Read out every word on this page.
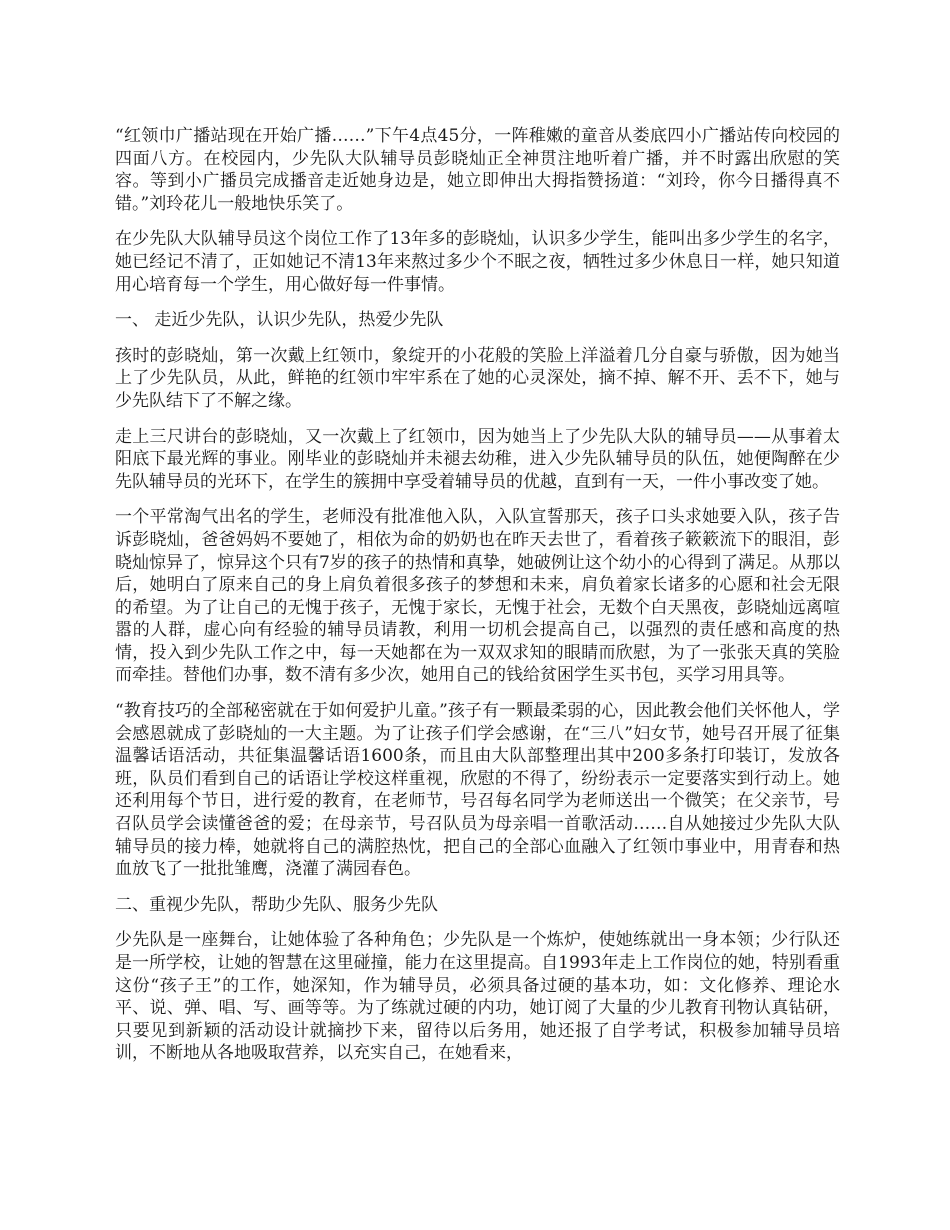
“红领巾广播站现在开始广播……”下午4点45分，一阵稚嫩的童音从娄底四小广播站传向校园的四面八方。在校园内，少先队大队辅导员彭晓灿正全神贯注地听着广播，并不时露出欣慰的笑容。等到小广播员完成播音走近她身边是，她立即伸出大拇指赞扬道：“刘玲，你今日播得真不错。”刘玲花儿一般地快乐笑了。

在少先队大队辅导员这个岗位工作了13年多的彭晓灿，认识多少学生，能叫出多少学生的名字，她已经记不清了，正如她记不清13年来熬过多少个不眠之夜，牺牲过多少休息日一样，她只知道用心培育每一个学生，用心做好每一件事情。

一、 走近少先队，认识少先队，热爱少先队

孩时的彭晓灿，第一次戴上红领巾，象绽开的小花般的笑脸上洋溢着几分自豪与骄傲，因为她当上了少先队员，从此，鲜艳的红领巾牢牢系在了她的心灵深处，摘不掉、解不开、丢不下，她与少先队结下了不解之缘。

走上三尺讲台的彭晓灿，又一次戴上了红领巾，因为她当上了少先队大队的辅导员——从事着太阳底下最光辉的事业。刚毕业的彭晓灿并未褪去幼稚，进入少先队辅导员的队伍，她便陶醉在少先队辅导员的光环下，在学生的簇拥中享受着辅导员的优越，直到有一天，一件小事改变了她。

一个平常淘气出名的学生，老师没有批准他入队，入队宣誓那天，孩子口头求她要入队，孩子告诉彭晓灿，爸爸妈妈不要她了，相依为命的奶奶也在昨天去世了，看着孩子簌簌流下的眼泪，彭晓灿惊异了，惊异这个只有7岁的孩子的热情和真挚，她破例让这个幼小的心得到了满足。从那以后，她明白了原来自己的身上肩负着很多孩子的梦想和未来，肩负着家长诸多的心愿和社会无限的希望。为了让自己的无愧于孩子，无愧于家长，无愧于社会，无数个白天黑夜，彭晓灿远离喧嚣的人群，虚心向有经验的辅导员请教，利用一切机会提高自己，以强烈的责任感和高度的热情，投入到少先队工作之中，每一天她都在为一双双求知的眼睛而欣慰，为了一张张天真的笑脸而牵挂。替他们办事，数不清有多少次，她用自己的钱给贫困学生买书包，买学习用具等。

“教育技巧的全部秘密就在于如何爱护儿童。”孩子有一颗最柔弱的心，因此教会他们关怀他人，学会感恩就成了彭晓灿的一大主题。为了让孩子们学会感谢，在“三八”妇女节，她号召开展了征集温馨话语活动，共征集温馨话语1600条，而且由大队部整理出其中200多条打印装订，发放各班，队员们看到自己的话语让学校这样重视，欣慰的不得了，纷纷表示一定要落实到行动上。她还利用每个节日，进行爱的教育，在老师节，号召每名同学为老师送出一个微笑；在父亲节，号召队员学会读懂爸爸的爱；在母亲节，号召队员为母亲唱一首歌活动……自从她接过少先队大队辅导员的接力棒，她就将自己的满腔热忱，把自己的全部心血融入了红领巾事业中，用青春和热血放飞了一批批雏鹰，浇灌了满园春色。

二、重视少先队，帮助少先队、服务少先队

少先队是一座舞台，让她体验了各种角色；少先队是一个炼炉，使她练就出一身本领；少行队还是一所学校，让她的智慧在这里碰撞，能力在这里提高。自1993年走上工作岗位的她，特别看重这份“孩子王”的工作，她深知，作为辅导员，必须具备过硬的基本功，如：文化修养、理论水平、说、弹、唱、写、画等等。为了练就过硬的内功，她订阅了大量的少儿教育刊物认真钻研，只要见到新颖的活动设计就摘抄下来，留待以后务用，她还报了自学考试，积极参加辅导员培训，不断地从各地吸取营养，以充实自己，在她看来，
